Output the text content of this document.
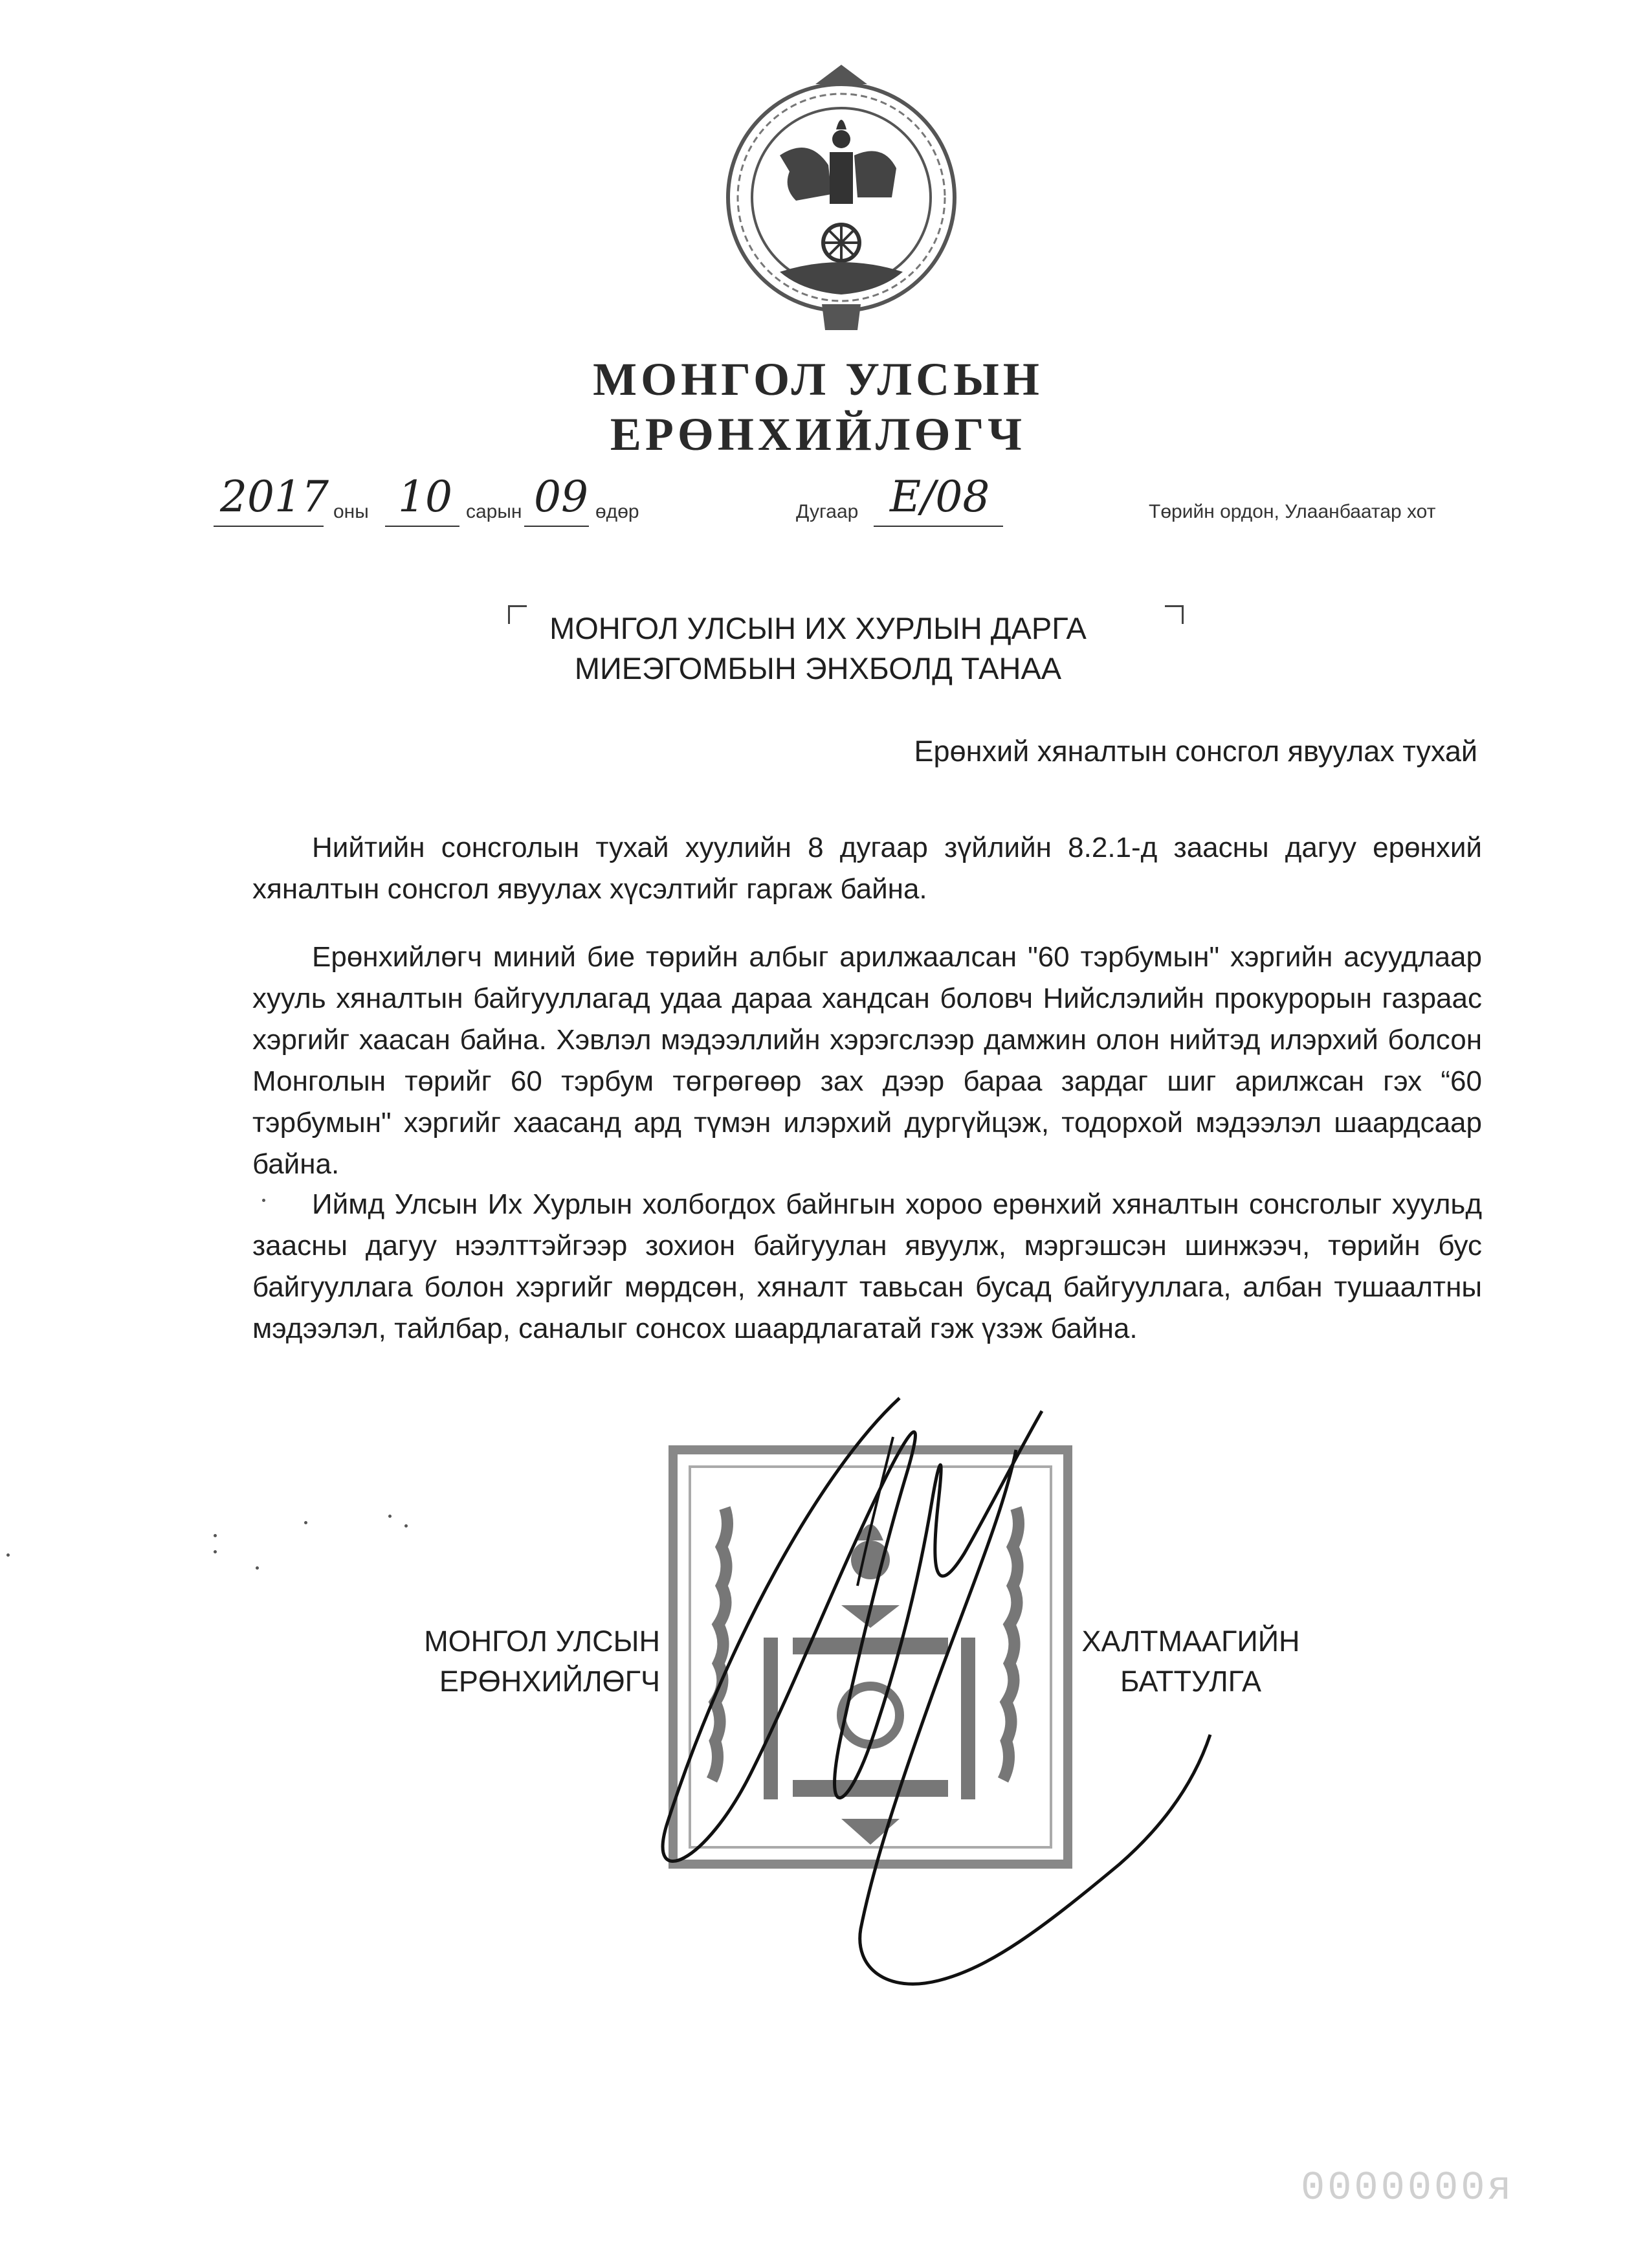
МОНГОЛ УЛСЫН
ЕРӨНХИЙЛӨГЧ
2017 оны 10 сарын 09 өдөр	Дугаар Е/08	Төрийн ордон, Улаанбаатар хот
МОНГОЛ УЛСЫН ИХ ХУРЛЫН ДАРГА
МИЕЭГОМБЫН ЭНХБОЛД ТАНАА
Ерөнхий хяналтын сонсгол явуулах тухай
Нийтийн сонсголын тухай хуулийн 8 дугаар зүйлийн 8.2.1-д заасны дагуу ерөнхий хяналтын сонсгол явуулах хүсэлтийг гаргаж байна.
Ерөнхийлөгч миний бие төрийн албыг арилжаалсан "60 тэрбумын" хэргийн асуудлаар хууль хяналтын байгууллагад удаа дараа хандсан боловч Нийслэлийн прокурорын газраас хэргийг хаасан байна. Хэвлэл мэдээллийн хэрэгслээр дамжин олон нийтэд илэрхий болсон Монголын төрийг 60 тэрбум төгрөгөөр зах дээр бараа зардаг шиг арилжсан гэх “60 тэрбумын" хэргийг хаасанд ард түмэн илэрхий дургүйцэж, тодорхой мэдээлэл шаардсаар байна.
Иймд Улсын Их Хурлын холбогдох байнгын хороо ерөнхий хяналтын сонсголыг хуульд заасны дагуу нээлттэйгээр зохион байгуулан явуулж, мэргэшсэн шинжээч, төрийн бус байгууллага болон хэргийг мөрдсөн, хяналт тавьсан бусад байгууллага, албан тушаалтны мэдээлэл, тайлбар, саналыг сонсох шаардлагатай гэж үзэж байна.
МОНГОЛ УЛСЫН
ЕРӨНХИЙЛӨГЧ
ХАЛТМААГИЙН
БАТТУЛГА
0000000ᴙ
